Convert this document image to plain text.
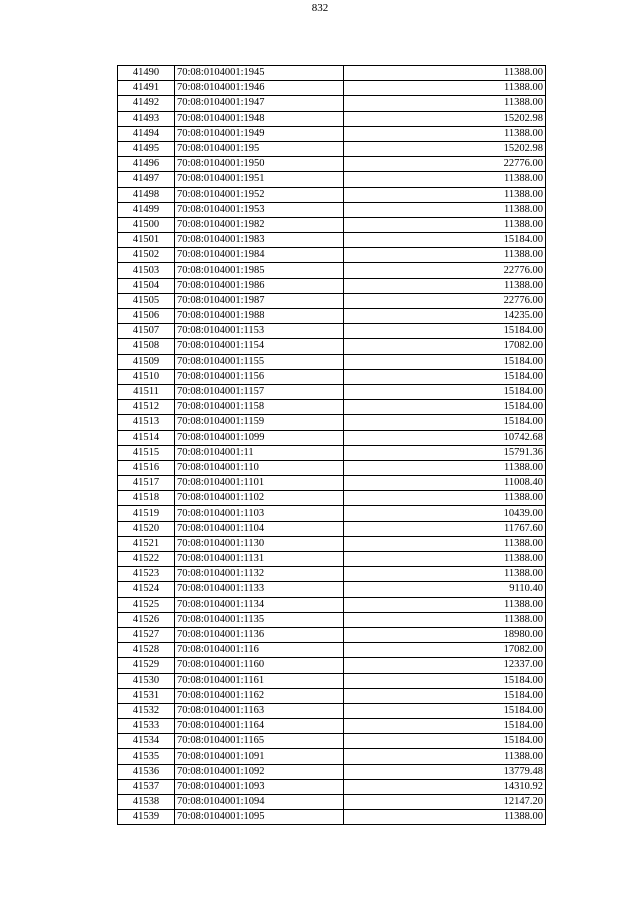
832
41490	70:08:0104001:1945	11388.00
41491	70:08:0104001:1946	11388.00
41492	70:08:0104001:1947	11388.00
41493	70:08:0104001:1948	15202.98
41494	70:08:0104001:1949	11388.00
41495	70:08:0104001:195	15202.98
41496	70:08:0104001:1950	22776.00
41497	70:08:0104001:1951	11388.00
41498	70:08:0104001:1952	11388.00
41499	70:08:0104001:1953	11388.00
41500	70:08:0104001:1982	11388.00
41501	70:08:0104001:1983	15184.00
41502	70:08:0104001:1984	11388.00
41503	70:08:0104001:1985	22776.00
41504	70:08:0104001:1986	11388.00
41505	70:08:0104001:1987	22776.00
41506	70:08:0104001:1988	14235.00
41507	70:08:0104001:1153	15184.00
41508	70:08:0104001:1154	17082.00
41509	70:08:0104001:1155	15184.00
41510	70:08:0104001:1156	15184.00
41511	70:08:0104001:1157	15184.00
41512	70:08:0104001:1158	15184.00
41513	70:08:0104001:1159	15184.00
41514	70:08:0104001:1099	10742.68
41515	70:08:0104001:11	15791.36
41516	70:08:0104001:110	11388.00
41517	70:08:0104001:1101	11008.40
41518	70:08:0104001:1102	11388.00
41519	70:08:0104001:1103	10439.00
41520	70:08:0104001:1104	11767.60
41521	70:08:0104001:1130	11388.00
41522	70:08:0104001:1131	11388.00
41523	70:08:0104001:1132	11388.00
41524	70:08:0104001:1133	9110.40
41525	70:08:0104001:1134	11388.00
41526	70:08:0104001:1135	11388.00
41527	70:08:0104001:1136	18980.00
41528	70:08:0104001:116	17082.00
41529	70:08:0104001:1160	12337.00
41530	70:08:0104001:1161	15184.00
41531	70:08:0104001:1162	15184.00
41532	70:08:0104001:1163	15184.00
41533	70:08:0104001:1164	15184.00
41534	70:08:0104001:1165	15184.00
41535	70:08:0104001:1091	11388.00
41536	70:08:0104001:1092	13779.48
41537	70:08:0104001:1093	14310.92
41538	70:08:0104001:1094	12147.20
41539	70:08:0104001:1095	11388.00
